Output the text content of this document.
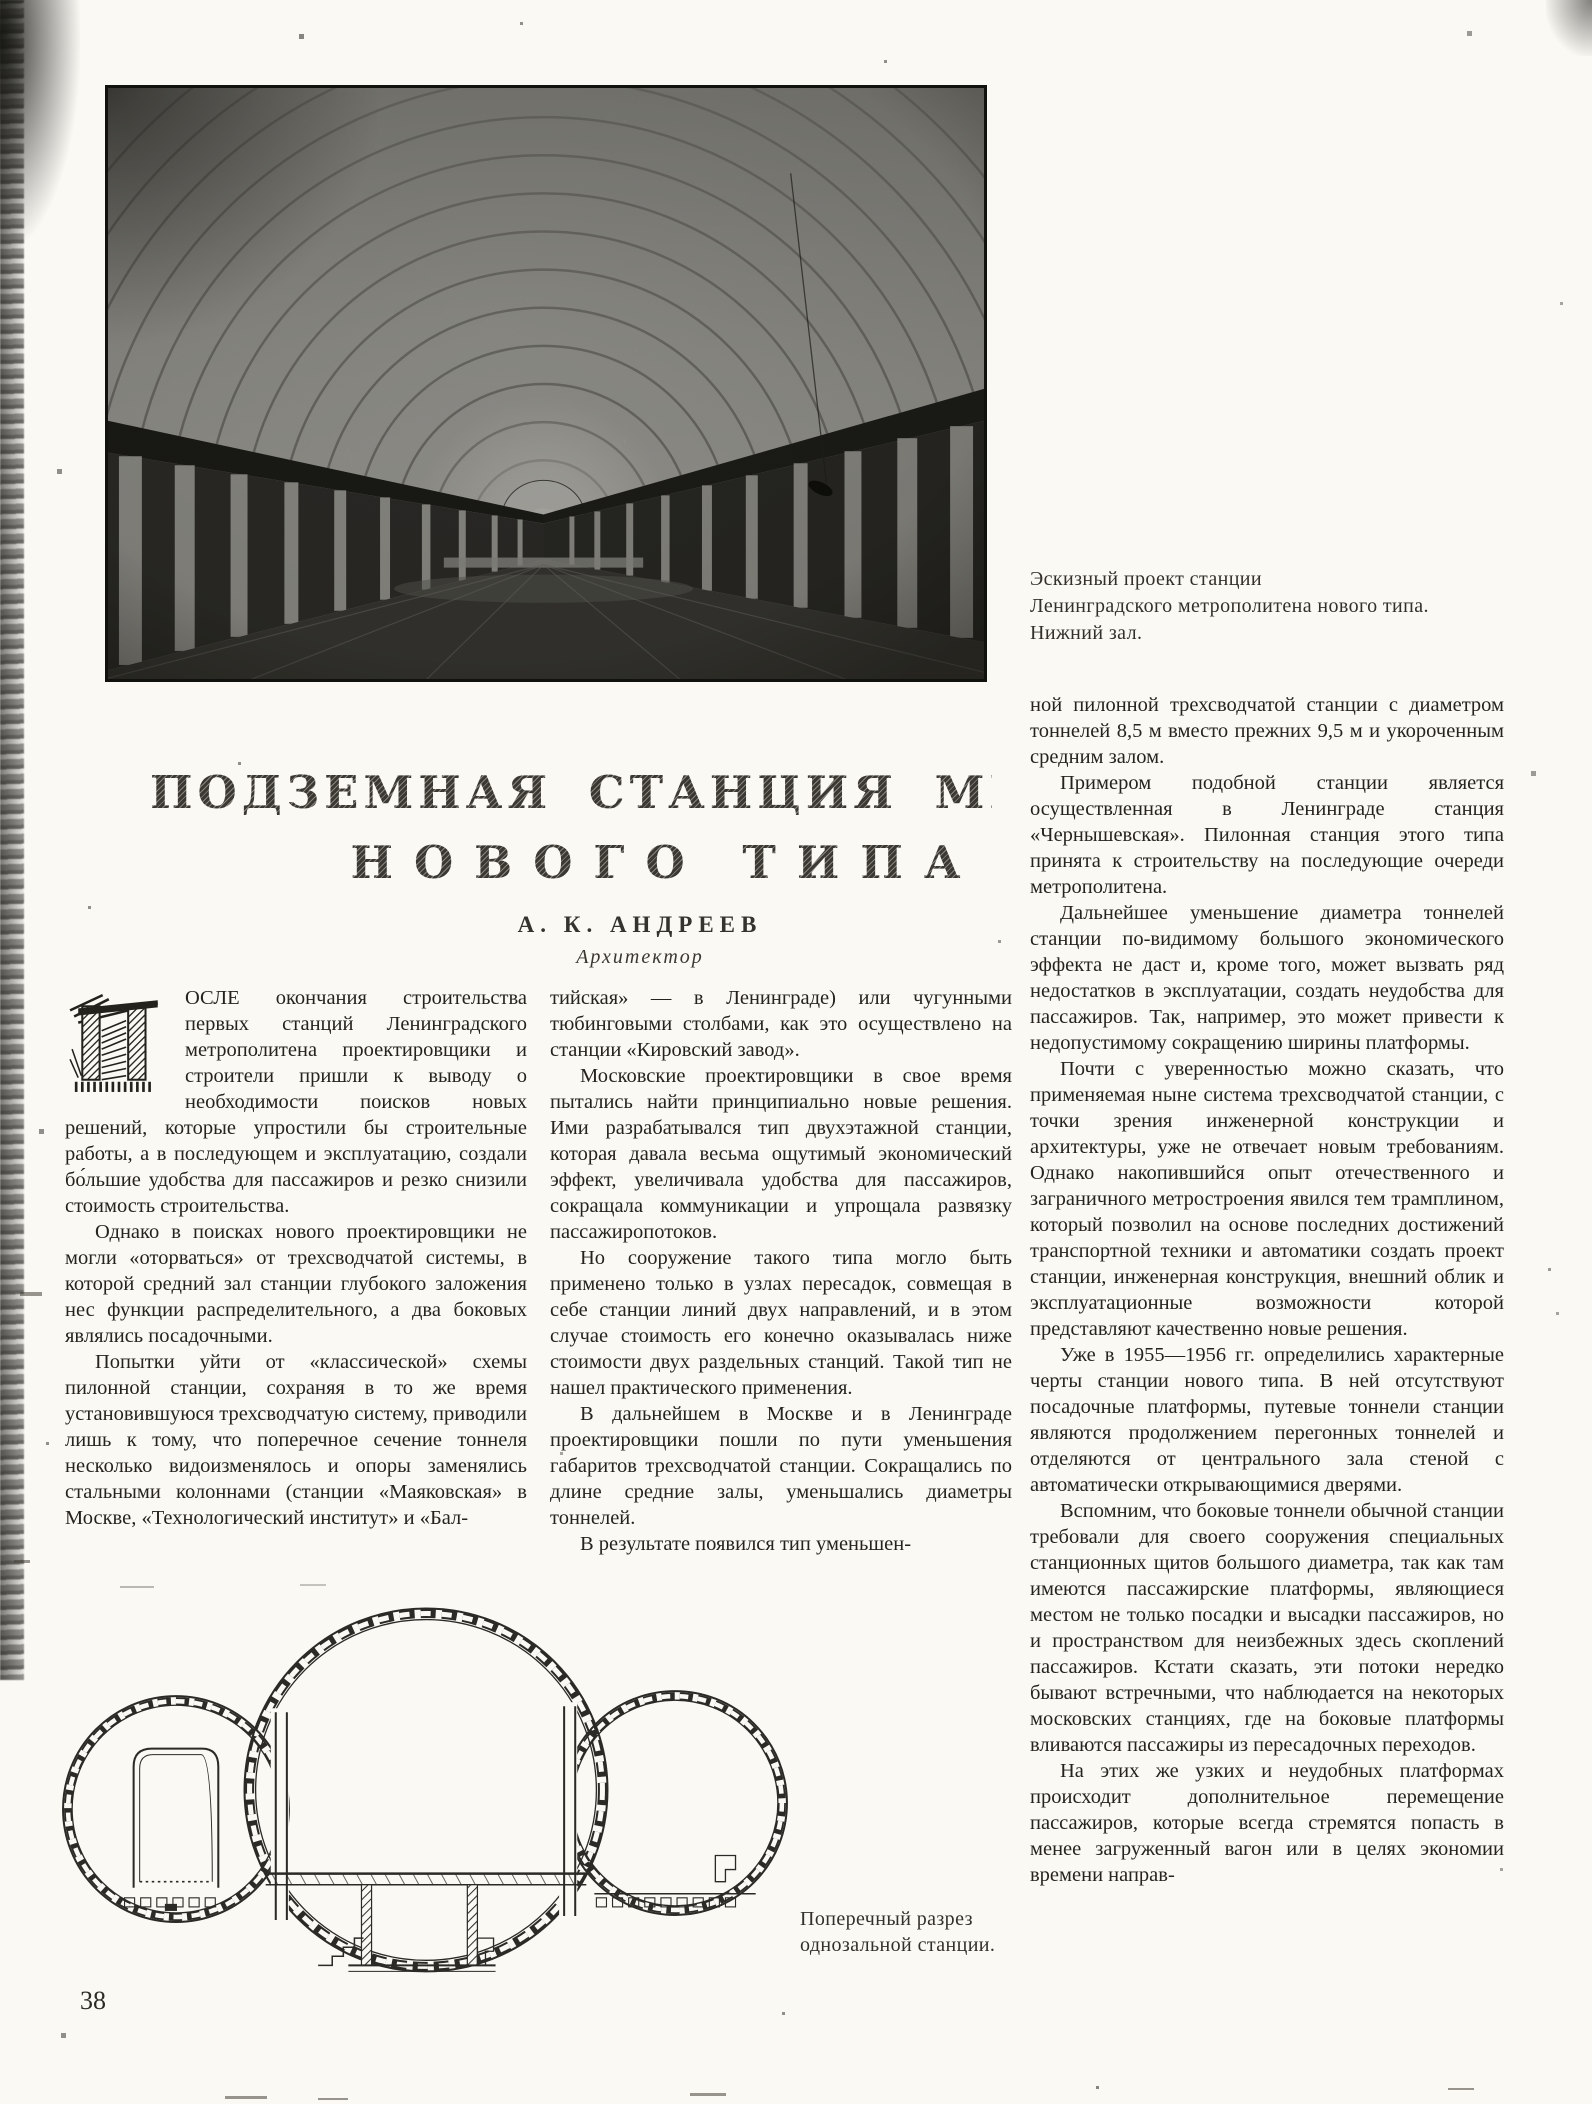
Эскизный проект станции
Ленинградского метрополитена нового типа.
Нижний зал.
ПОДЗЕМНАЯ СТАНЦИЯ МЕТРО
НОВОГО ТИПА
А. К. АНДРЕЕВ
Архитектор

ОСЛЕ окончания строительства первых станций Ленинградского метрополитена проектировщики и строители пришли к выводу о необходимости поисков новых решений, которые упростили бы строительные работы, а в последующем и эксплуатацию, создали бо́льшие удобства для пассажиров и резко снизили стоимость строительства.

Однако в поисках нового проектировщики не могли «оторваться» от трехсводчатой системы, в которой средний зал станции глубокого заложения нес функции распределительного, а два боковых являлись посадочными.

Попытки уйти от «классической» схемы пилонной станции, сохраняя в то же время установившуюся трехсводчатую систему, приводили лишь к тому, что поперечное сечение тоннеля несколько видоизменялось и опоры заменялись стальными колоннами (станции «Маяковская» в Москве, «Технологический институт» и «Бал-

тийская» — в Ленинграде) или чугунными тюбинговыми столбами, как это осуществлено на станции «Кировский завод».

Московские проектировщики в свое время пытались найти принципиально новые решения. Ими разрабатывался тип двухэтажной станции, которая давала весьма ощутимый экономический эффект, увеличивала удобства для пассажиров, сокращала коммуникации и упрощала развязку пассажиропотоков.

Но сооружение такого типа могло быть применено только в узлах пересадок, совмещая в себе станции линий двух направлений, и в этом случае стоимость его конечно оказывалась ниже стоимости двух раздельных станций. Такой тип не нашел практического применения.

В дальнейшем в Москве и в Ленинграде проектировщики пошли по пути уменьшения габаритов трехсводчатой станции. Сокращались по длине средние залы, уменьшались диаметры тоннелей.

В результате появился тип уменьшен-

ной пилонной трехсводчатой станции с диаметром тоннелей 8,5 м вместо прежних 9,5 м и укороченным средним залом.

Примером подобной станции является осуществленная в Ленинграде станция «Чернышевская». Пилонная станция этого типа принята к строительству на последующие очереди метрополитена.

Дальнейшее уменьшение диаметра тоннелей станции по-видимому большого экономического эффекта не даст и, кроме того, может вызвать ряд недостатков в эксплуатации, создать неудобства для пассажиров. Так, например, это может привести к недопустимому сокращению ширины платформы.

Почти с уверенностью можно сказать, что применяемая ныне система трехсводчатой станции, с точки зрения инженерной конструкции и архитектуры, уже не отвечает новым требованиям. Однако накопившийся опыт отечественного и заграничного метростроения явился тем трамплином, который позволил на основе последних достижений транспортной техники и автоматики создать проект станции, инженерная конструкция, внешний облик и эксплуатационные возможности которой представляют качественно новые решения.

Уже в 1955—1956 гг. определились характерные черты станции нового типа. В ней отсутствуют посадочные платформы, путевые тоннели станции являются продолжением перегонных тоннелей и отделяются от центрального зала стеной с автоматически открывающимися дверями.

Вспомним, что боковые тоннели обычной станции требовали для своего сооружения специальных станционных щитов большого диаметра, так как там имеются пассажирские платформы, являющиеся местом не только посадки и высадки пассажиров, но и пространством для неизбежных здесь скоплений пассажиров. Кстати сказать, эти потоки нередко бывают встречными, что наблюдается на некоторых московских станциях, где на боковые платформы вливаются пассажиры из пересадочных переходов.

На этих же узких и неудобных платформах происходит дополнительное перемещение пассажиров, которые всегда стремятся попасть в менее загруженный вагон или в целях экономии времени направ-

Поперечный разрез
однозальной станции.
38
